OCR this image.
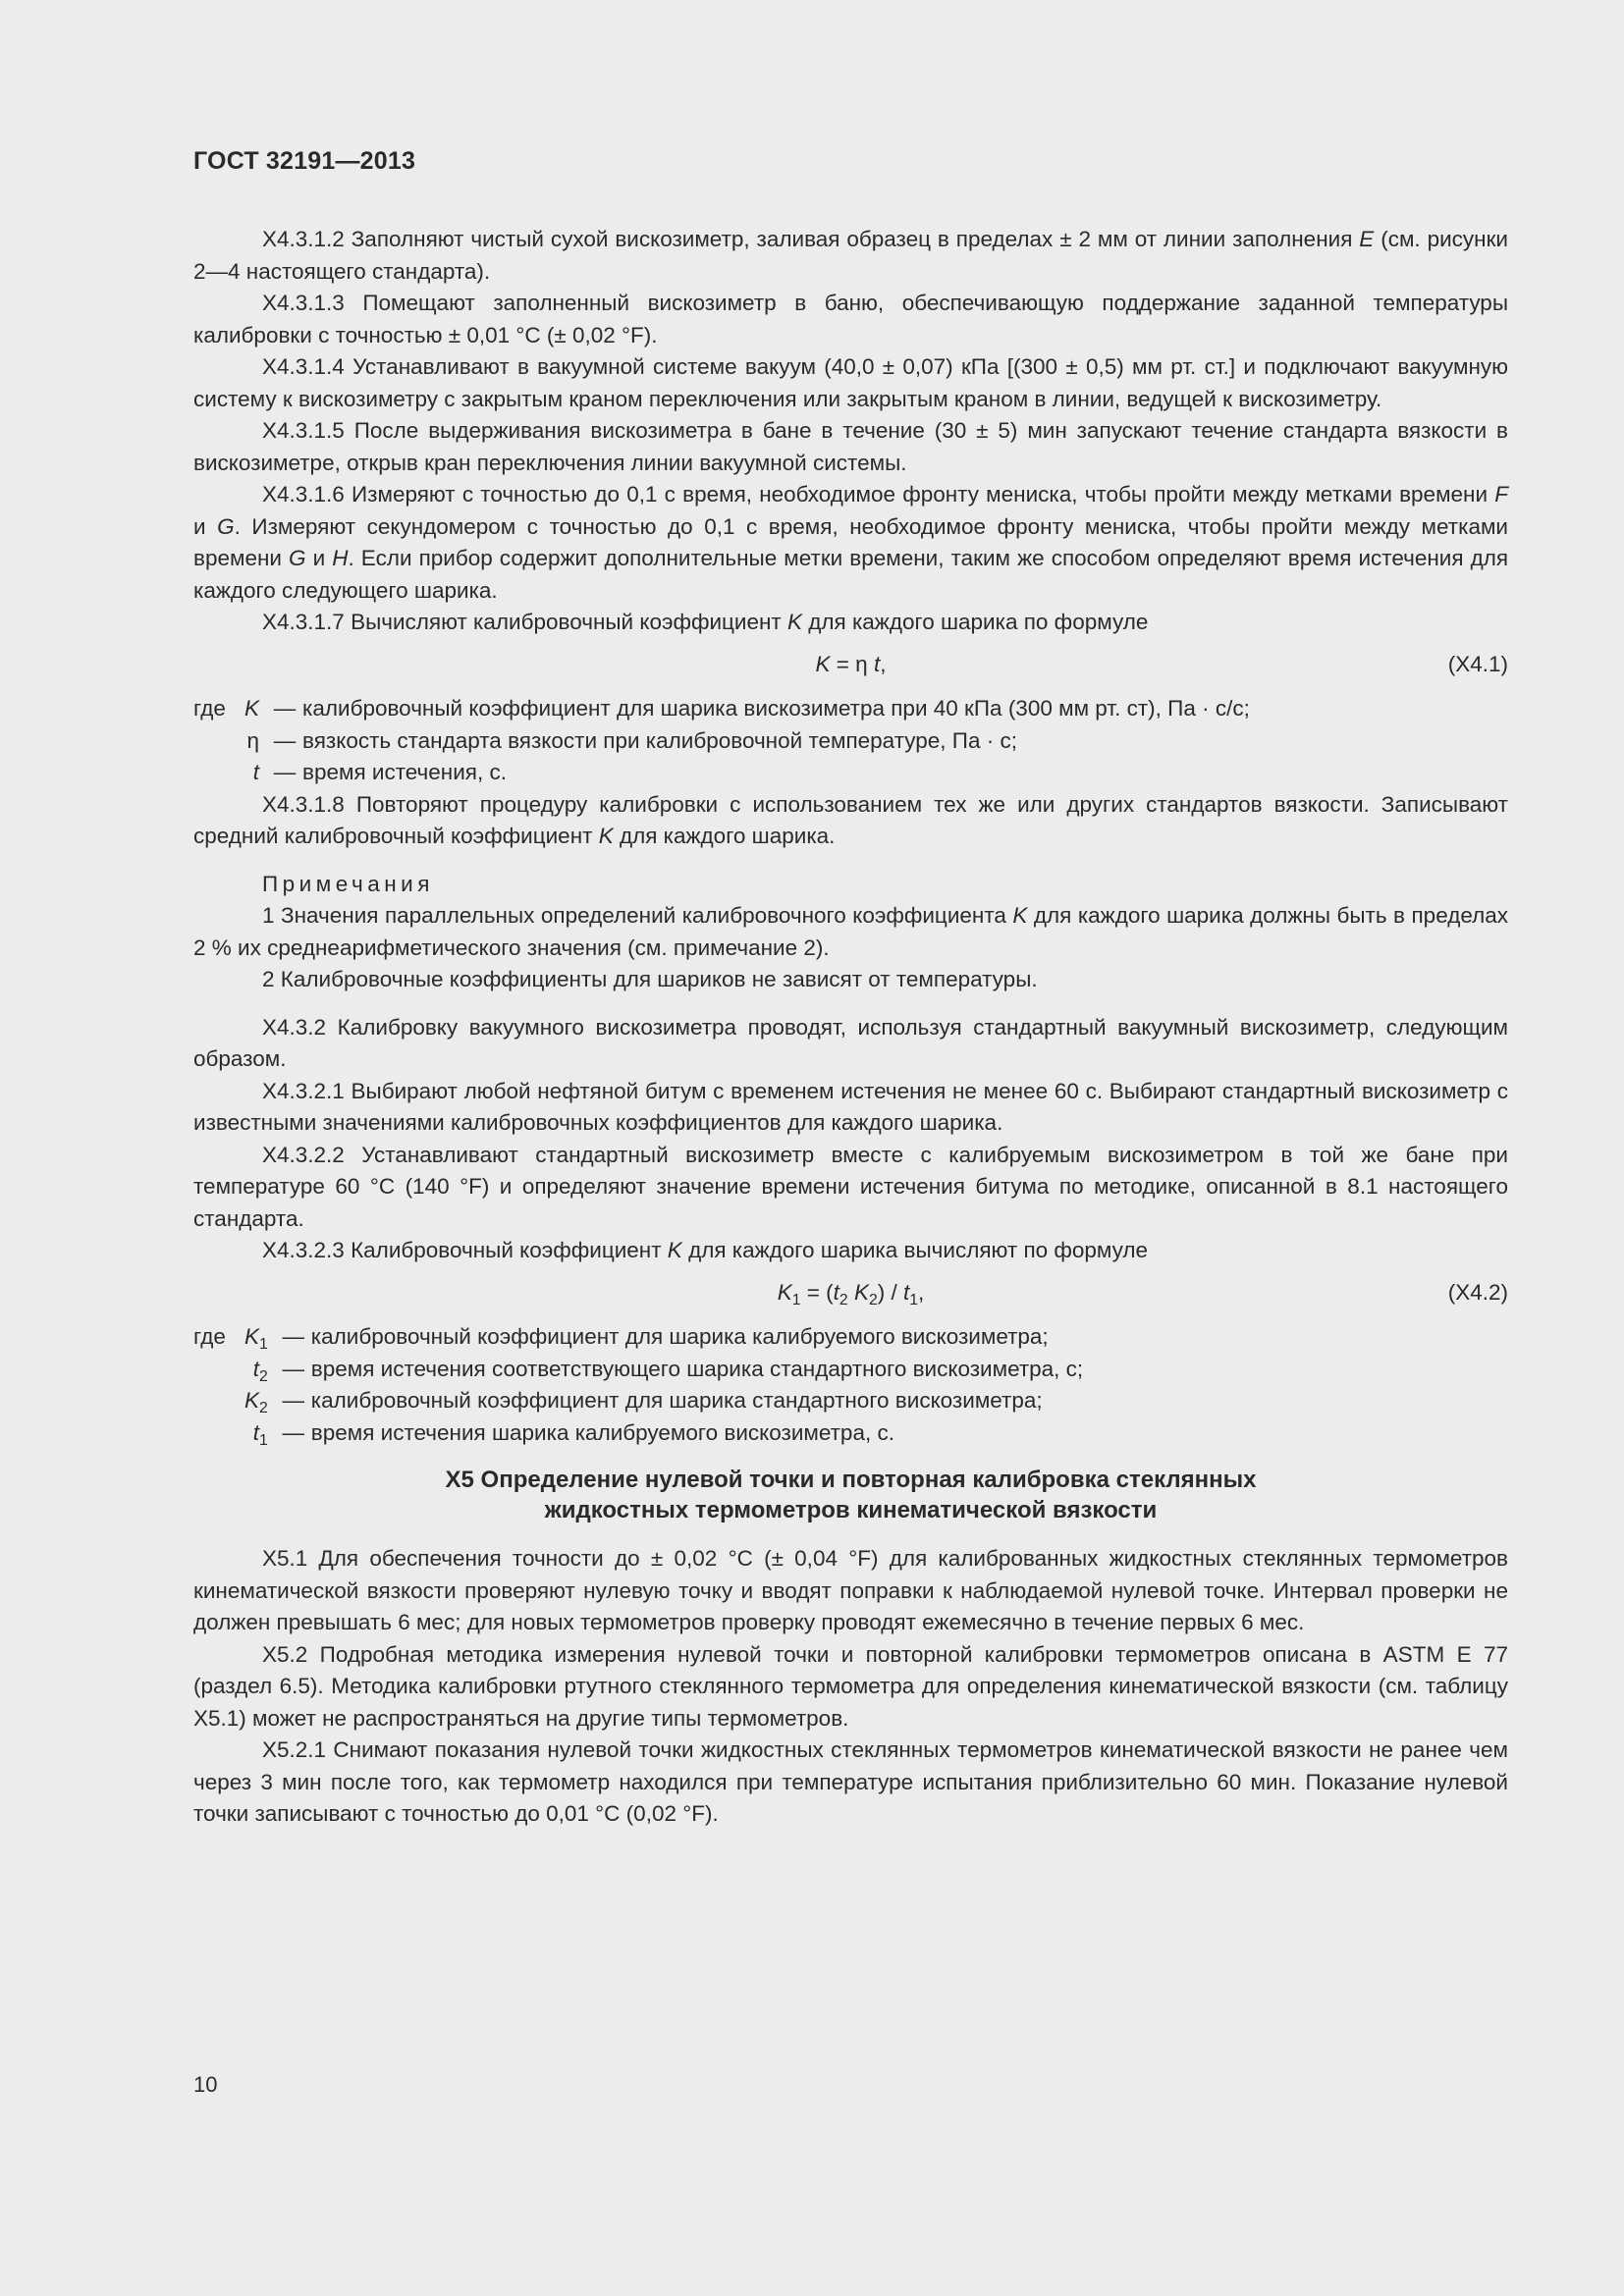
ГОСТ 32191—2013

Х4.3.1.2 Заполняют чистый сухой вискозиметр, заливая образец в пределах ± 2 мм от линии заполнения Е (см. рисунки 2—4 настоящего стандарта).

Х4.3.1.3 Помещают заполненный вискозиметр в баню, обеспечивающую поддержание заданной температуры калибровки с точностью ± 0,01 °С (± 0,02 °F).

Х4.3.1.4 Устанавливают в вакуумной системе вакуум (40,0 ± 0,07) кПа [(300 ± 0,5) мм рт. ст.] и подключают вакуумную систему к вискозиметру с закрытым краном переключения или закрытым краном в линии, ведущей к вискозиметру.

Х4.3.1.5 После выдерживания вискозиметра в бане в течение (30 ± 5) мин запускают течение стандарта вязкости в вискозиметре, открыв кран переключения линии вакуумной системы.

Х4.3.1.6 Измеряют с точностью до 0,1 с время, необходимое фронту мениска, чтобы пройти между метками времени F и G. Измеряют секундомером с точностью до 0,1 с время, необходимое фронту мениска, чтобы пройти между метками времени G и H. Если прибор содержит дополнительные метки времени, таким же способом определяют время истечения для каждого следующего шарика.

Х4.3.1.7 Вычисляют калибровочный коэффициент K для каждого шарика по формуле

K = η t,	(Х4.1)
где	K	—	калибровочный коэффициент для шарика вискозиметра при 40 кПа (300 мм рт. ст), Па · с/с;
	η	—	вязкость стандарта вязкости при калибровочной температуре, Па · с;
	t	—	время истечения, с.

Х4.3.1.8 Повторяют процедуру калибровки с использованием тех же или других стандартов вязкости. Записывают средний калибровочный коэффициент K для каждого шарика.

Примечания

1 Значения параллельных определений калибровочного коэффициента K для каждого шарика должны быть в пределах 2 % их среднеарифметического значения (см. примечание 2).

2 Калибровочные коэффициенты для шариков не зависят от температуры.

Х4.3.2 Калибровку вакуумного вискозиметра проводят, используя стандартный вакуумный вискозиметр, следующим образом.

Х4.3.2.1 Выбирают любой нефтяной битум с временем истечения не менее 60 с. Выбирают стандартный вискозиметр с известными значениями калибровочных коэффициентов для каждого шарика.

Х4.3.2.2 Устанавливают стандартный вискозиметр вместе с калибруемым вискозиметром в той же бане при температуре 60 °С (140 °F) и определяют значение времени истечения битума по методике, описанной в 8.1 настоящего стандарта.

Х4.3.2.3 Калибровочный коэффициент K для каждого шарика вычисляют по формуле

$K_1 = (t_2$ $K_2) / t_1$,	(Х4.2)
где	$K_1$	—	калибровочный коэффициент для шарика калибруемого вискозиметра;
	$t_2$	—	время истечения соответствующего шарика стандартного вискозиметра, с;
	$K_2$	—	калибровочный коэффициент для шарика стандартного вискозиметра;
	$t_1$	—	время истечения шарика калибруемого вискозиметра, с.
Х5 Определение нулевой точки и повторная калибровка стеклянных
жидкостных термометров кинематической вязкости

Х5.1 Для обеспечения точности до ± 0,02 °С (± 0,04 °F) для калиброванных жидкостных стеклянных термометров кинематической вязкости проверяют нулевую точку и вводят поправки к наблюдаемой нулевой точке. Интервал проверки не должен превышать 6 мес; для новых термометров проверку проводят ежемесячно в течение первых 6 мес.

Х5.2 Подробная методика измерения нулевой точки и повторной калибровки термометров описана в ASTM E 77 (раздел 6.5). Методика калибровки ртутного стеклянного термометра для определения кинематической вязкости (см. таблицу Х5.1) может не распространяться на другие типы термометров.

Х5.2.1 Снимают показания нулевой точки жидкостных стеклянных термометров кинематической вязкости не ранее чем через 3 мин после того, как термометр находился при температуре испытания приблизительно 60 мин. Показание нулевой точки записывают с точностью до 0,01 °С (0,02 °F).

10
